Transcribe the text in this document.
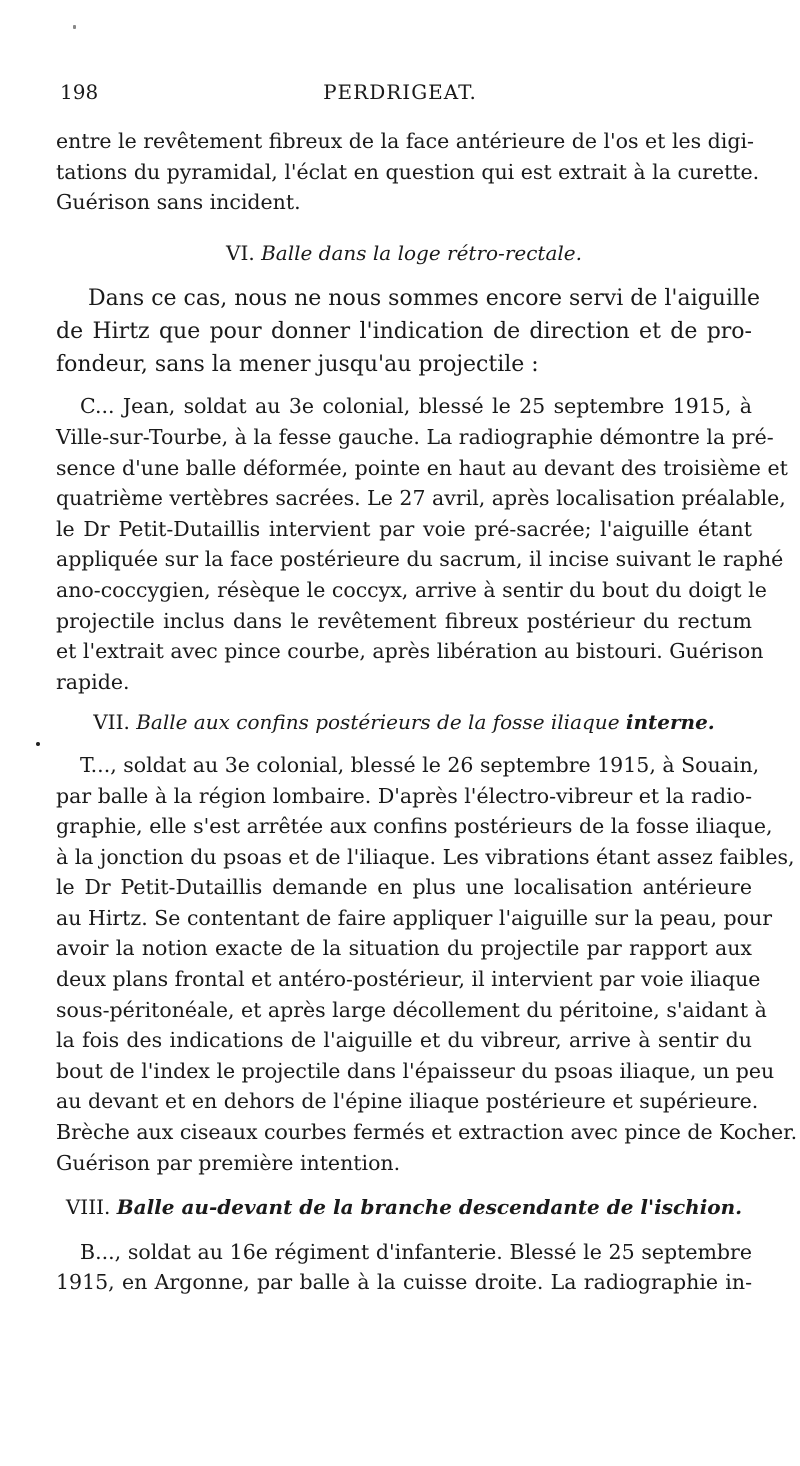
198	PERDRIGEAT.
entre le revêtement fibreux de la face antérieure de l'os et les digi-
tations du pyramidal, l'éclat en question qui est extrait à la curette.
Guérison sans incident.
VI. Balle dans la loge rétro-rectale.
Dans ce cas, nous ne nous sommes encore servi de l'aiguille
de Hirtz que pour donner l'indication de direction et de pro-
fondeur, sans la mener jusqu'au projectile :
C... Jean, soldat au 3e colonial, blessé le 25 septembre 1915, à
Ville-sur-Tourbe, à la fesse gauche. La radiographie démontre la pré-
sence d'une balle déformée, pointe en haut au devant des troisième et
quatrième vertèbres sacrées. Le 27 avril, après localisation préalable,
le Dr Petit-Dutaillis intervient par voie pré-sacrée; l'aiguille étant
appliquée sur la face postérieure du sacrum, il incise suivant le raphé
ano-coccygien, résèque le coccyx, arrive à sentir du bout du doigt le
projectile inclus dans le revêtement fibreux postérieur du rectum
et l'extrait avec pince courbe, après libération au bistouri. Guérison
rapide.
VII. Balle aux confins postérieurs de la fosse iliaque interne.
T..., soldat au 3e colonial, blessé le 26 septembre 1915, à Souain,
par balle à la région lombaire. D'après l'électro-vibreur et la radio-
graphie, elle s'est arrêtée aux confins postérieurs de la fosse iliaque,
à la jonction du psoas et de l'iliaque. Les vibrations étant assez faibles,
le Dr Petit-Dutaillis demande en plus une localisation antérieure
au Hirtz. Se contentant de faire appliquer l'aiguille sur la peau, pour
avoir la notion exacte de la situation du projectile par rapport aux
deux plans frontal et antéro-postérieur, il intervient par voie iliaque
sous-péritonéale, et après large décollement du péritoine, s'aidant à
la fois des indications de l'aiguille et du vibreur, arrive à sentir du
bout de l'index le projectile dans l'épaisseur du psoas iliaque, un peu
au devant et en dehors de l'épine iliaque postérieure et supérieure.
Brèche aux ciseaux courbes fermés et extraction avec pince de Kocher.
Guérison par première intention.
VIII. Balle au-devant de la branche descendante de l'ischion.
B..., soldat au 16e régiment d'infanterie. Blessé le 25 septembre
1915, en Argonne, par balle à la cuisse droite. La radiographie in-
